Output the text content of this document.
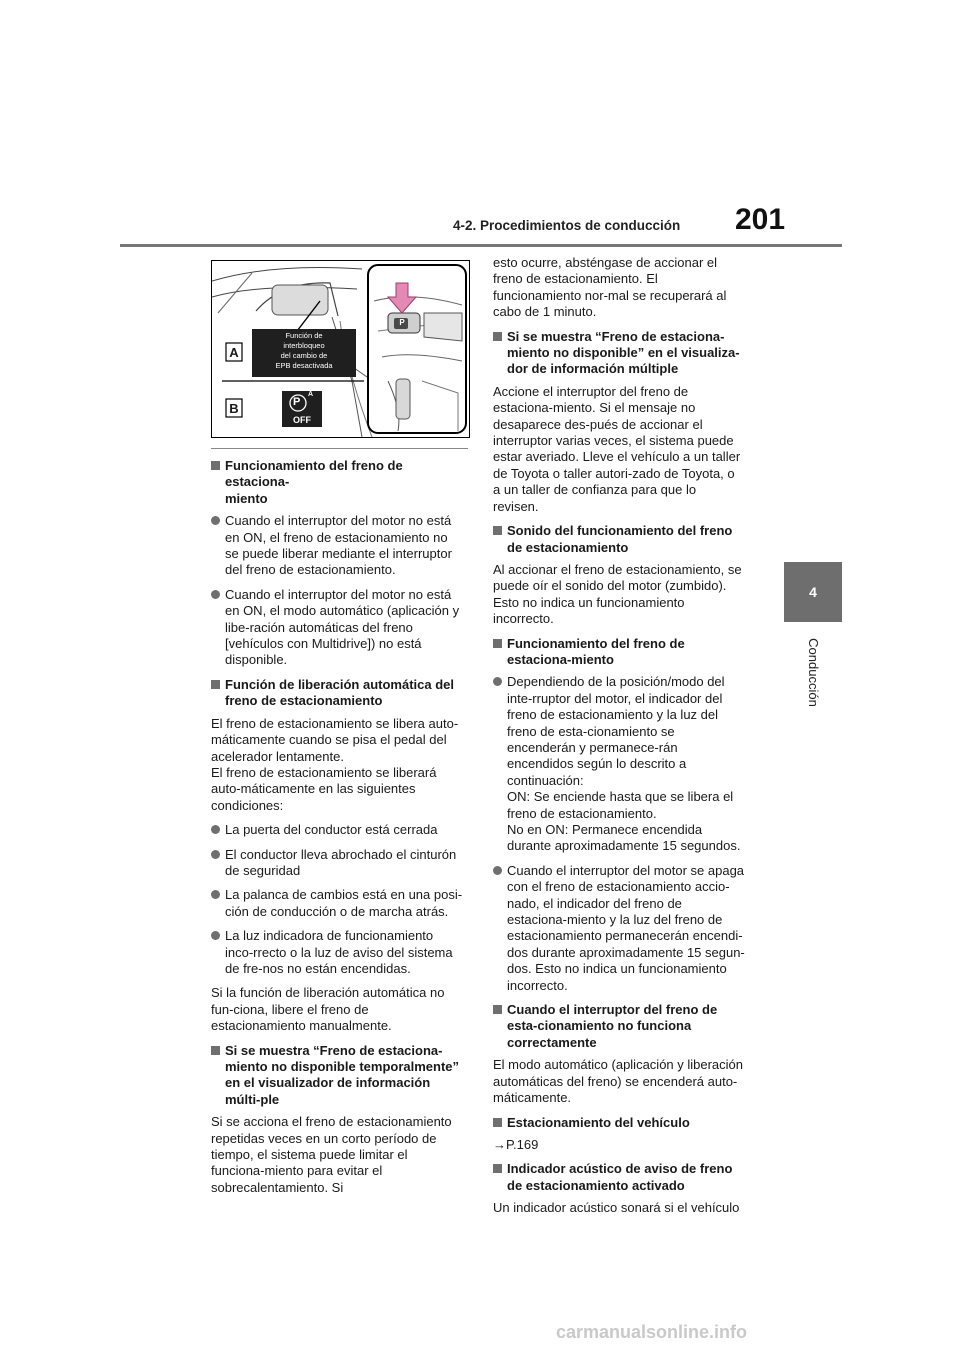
4-2. Procedimientos de conducción 201
4
Conducción
A
B
Función de
interbloqueo
del cambio de
EPB desactivada
P
A
OFF
P
Funcionamiento del freno de estaciona-
miento
Cuando el interruptor del motor no está en ON, el freno de estacionamiento no se puede liberar mediante el interruptor del freno de estacionamiento.
Cuando el interruptor del motor no está en ON, el modo automático (aplicación y libe-ración automáticas del freno [vehículos con Multidrive]) no está disponible.
Función de liberación automática del freno de estacionamiento
El freno de estacionamiento se libera auto-máticamente cuando se pisa el pedal del acelerador lentamente.
El freno de estacionamiento se liberará auto-máticamente en las siguientes condiciones:
La puerta del conductor está cerrada
El conductor lleva abrochado el cinturón de seguridad
La palanca de cambios está en una posi-ción de conducción o de marcha atrás.
La luz indicadora de funcionamiento inco-rrecto o la luz de aviso del sistema de fre-nos no están encendidas.
Si la función de liberación automática no fun-ciona, libere el freno de estacionamiento manualmente.
Si se muestra “Freno de estaciona-miento no disponible temporalmente” en el visualizador de información múlti-ple
Si se acciona el freno de estacionamiento repetidas veces en un corto período de tiempo, el sistema puede limitar el funciona-miento para evitar el sobrecalentamiento. Si
esto ocurre, absténgase de accionar el freno de estacionamiento. El funcionamiento nor-mal se recuperará al cabo de 1 minuto.
Si se muestra “Freno de estaciona-miento no disponible” en el visualiza-dor de información múltiple
Accione el interruptor del freno de estaciona-miento. Si el mensaje no desaparece des-pués de accionar el interruptor varias veces, el sistema puede estar averiado. Lleve el vehículo a un taller de Toyota o taller autori-zado de Toyota, o a un taller de confianza para que lo revisen.
Sonido del funcionamiento del freno de estacionamiento
Al accionar el freno de estacionamiento, se puede oír el sonido del motor (zumbido). Esto no indica un funcionamiento incorrecto.
Funcionamiento del freno de estaciona-miento
Dependiendo de la posición/modo del inte-rruptor del motor, el indicador del freno de estacionamiento y la luz del freno de esta-cionamiento se encenderán y permanece-rán encendidos según lo descrito a continuación:
ON: Se enciende hasta que se libera el freno de estacionamiento.
No en ON: Permanece encendida durante aproximadamente 15 segundos.
Cuando el interruptor del motor se apaga con el freno de estacionamiento accio-nado, el indicador del freno de estaciona-miento y la luz del freno de estacionamiento permanecerán encendi-dos durante aproximadamente 15 segun-dos. Esto no indica un funcionamiento incorrecto.
Cuando el interruptor del freno de esta-cionamiento no funciona correctamente
El modo automático (aplicación y liberación automáticas del freno) se encenderá auto-máticamente.
Estacionamiento del vehículo
→P.169
Indicador acústico de aviso de freno de estacionamiento activado
Un indicador acústico sonará si el vehículo
carmanualsonline.info
